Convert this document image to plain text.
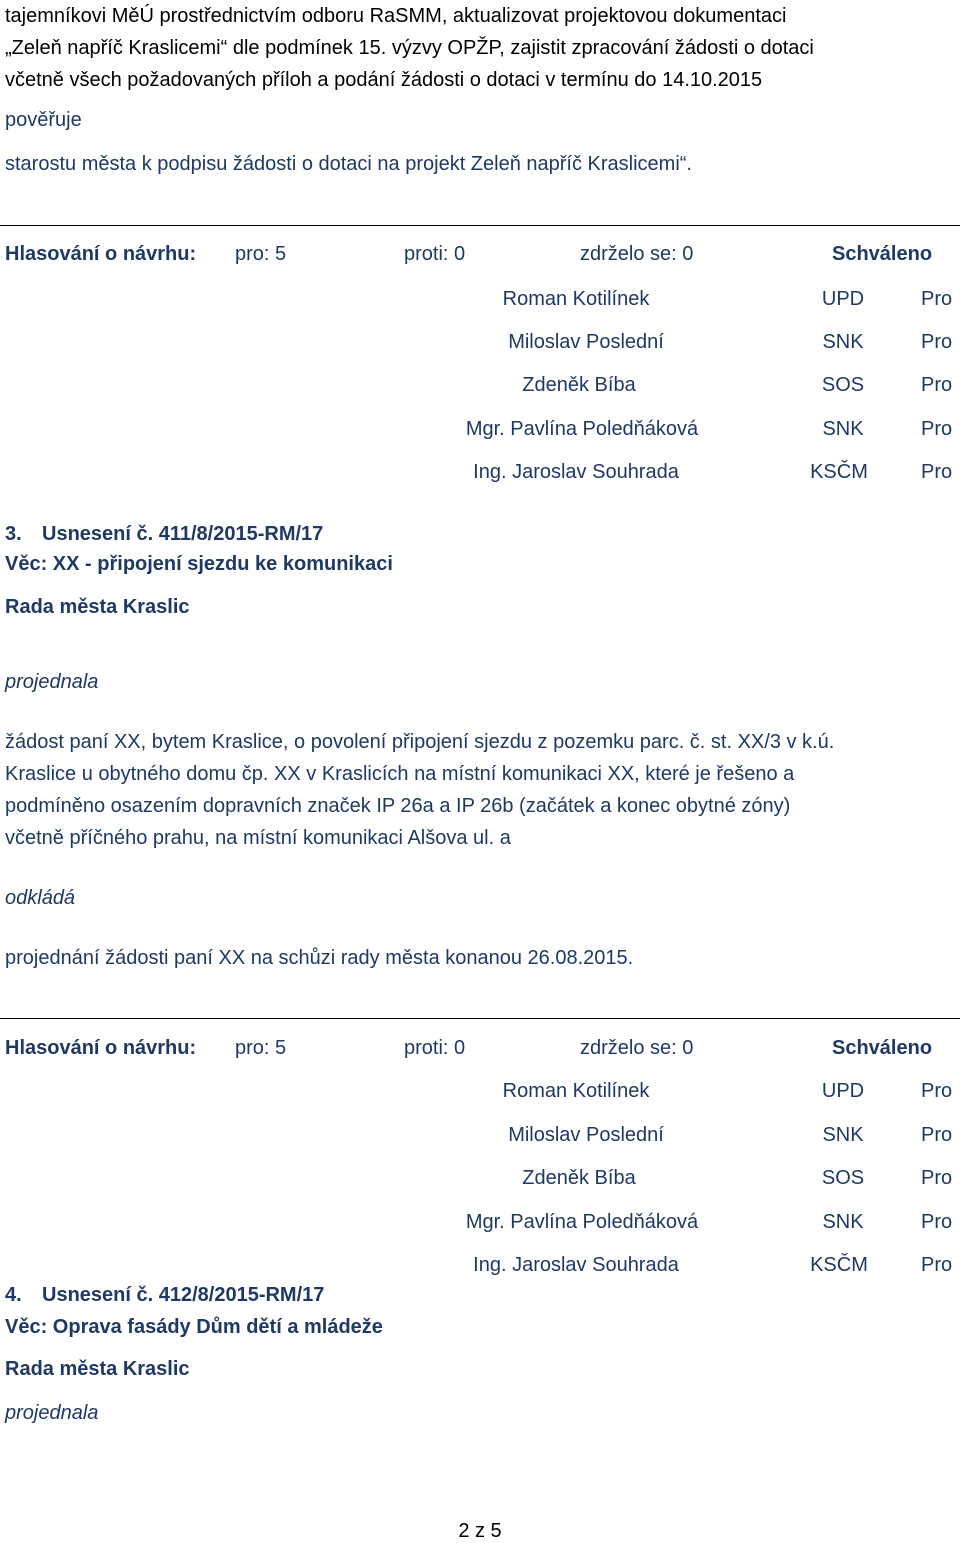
tajemníkovi MěÚ prostřednictvím odboru RaSMM, aktualizovat projektovou dokumentaci
„Zeleň napříč Kraslicemi“ dle podmínek 15. výzvy OPŽP, zajistit zpracování žádosti o dotaci
včetně všech požadovaných příloh a podání žádosti o dotaci v termínu do 14.10.2015
pověřuje
starostu města k podpisu žádosti o dotaci na projekt Zeleň napříč Kraslicemi“.
Hlasování o návrhu: pro: 5	proti: 0	zdrželo se: 0	Schváleno
Roman Kotilínek	UPD	Pro
Miloslav Poslední	SNK	Pro
Zdeněk Bíba	SOS	Pro
Mgr. Pavlína Poledňáková	SNK	Pro
Ing. Jaroslav Souhrada	KSČM	Pro
3. Usnesení č. 411/8/2015-RM/17
Věc: XX - připojení sjezdu ke komunikaci
Rada města Kraslic
projednala
žádost paní XX, bytem Kraslice, o povolení připojení sjezdu z pozemku parc. č. st. XX/3 v k.ú.
Kraslice u obytného domu čp. XX v Kraslicích na místní komunikaci XX, které je řešeno a
podmíněno osazením dopravních značek IP 26a a IP 26b (začátek a konec obytné zóny)
včetně příčného prahu, na místní komunikaci Alšova ul. a
odkládá
projednání žádosti paní XX na schůzi rady města konanou 26.08.2015.
Hlasování o návrhu: pro: 5	proti: 0	zdrželo se: 0	Schváleno
Roman Kotilínek	UPD	Pro
Miloslav Poslední	SNK	Pro
Zdeněk Bíba	SOS	Pro
Mgr. Pavlína Poledňáková	SNK	Pro
Ing. Jaroslav Souhrada	KSČM	Pro
4. Usnesení č. 412/8/2015-RM/17
Věc: Oprava fasády Dům dětí a mládeže
Rada města Kraslic
projednala
2 z 5
